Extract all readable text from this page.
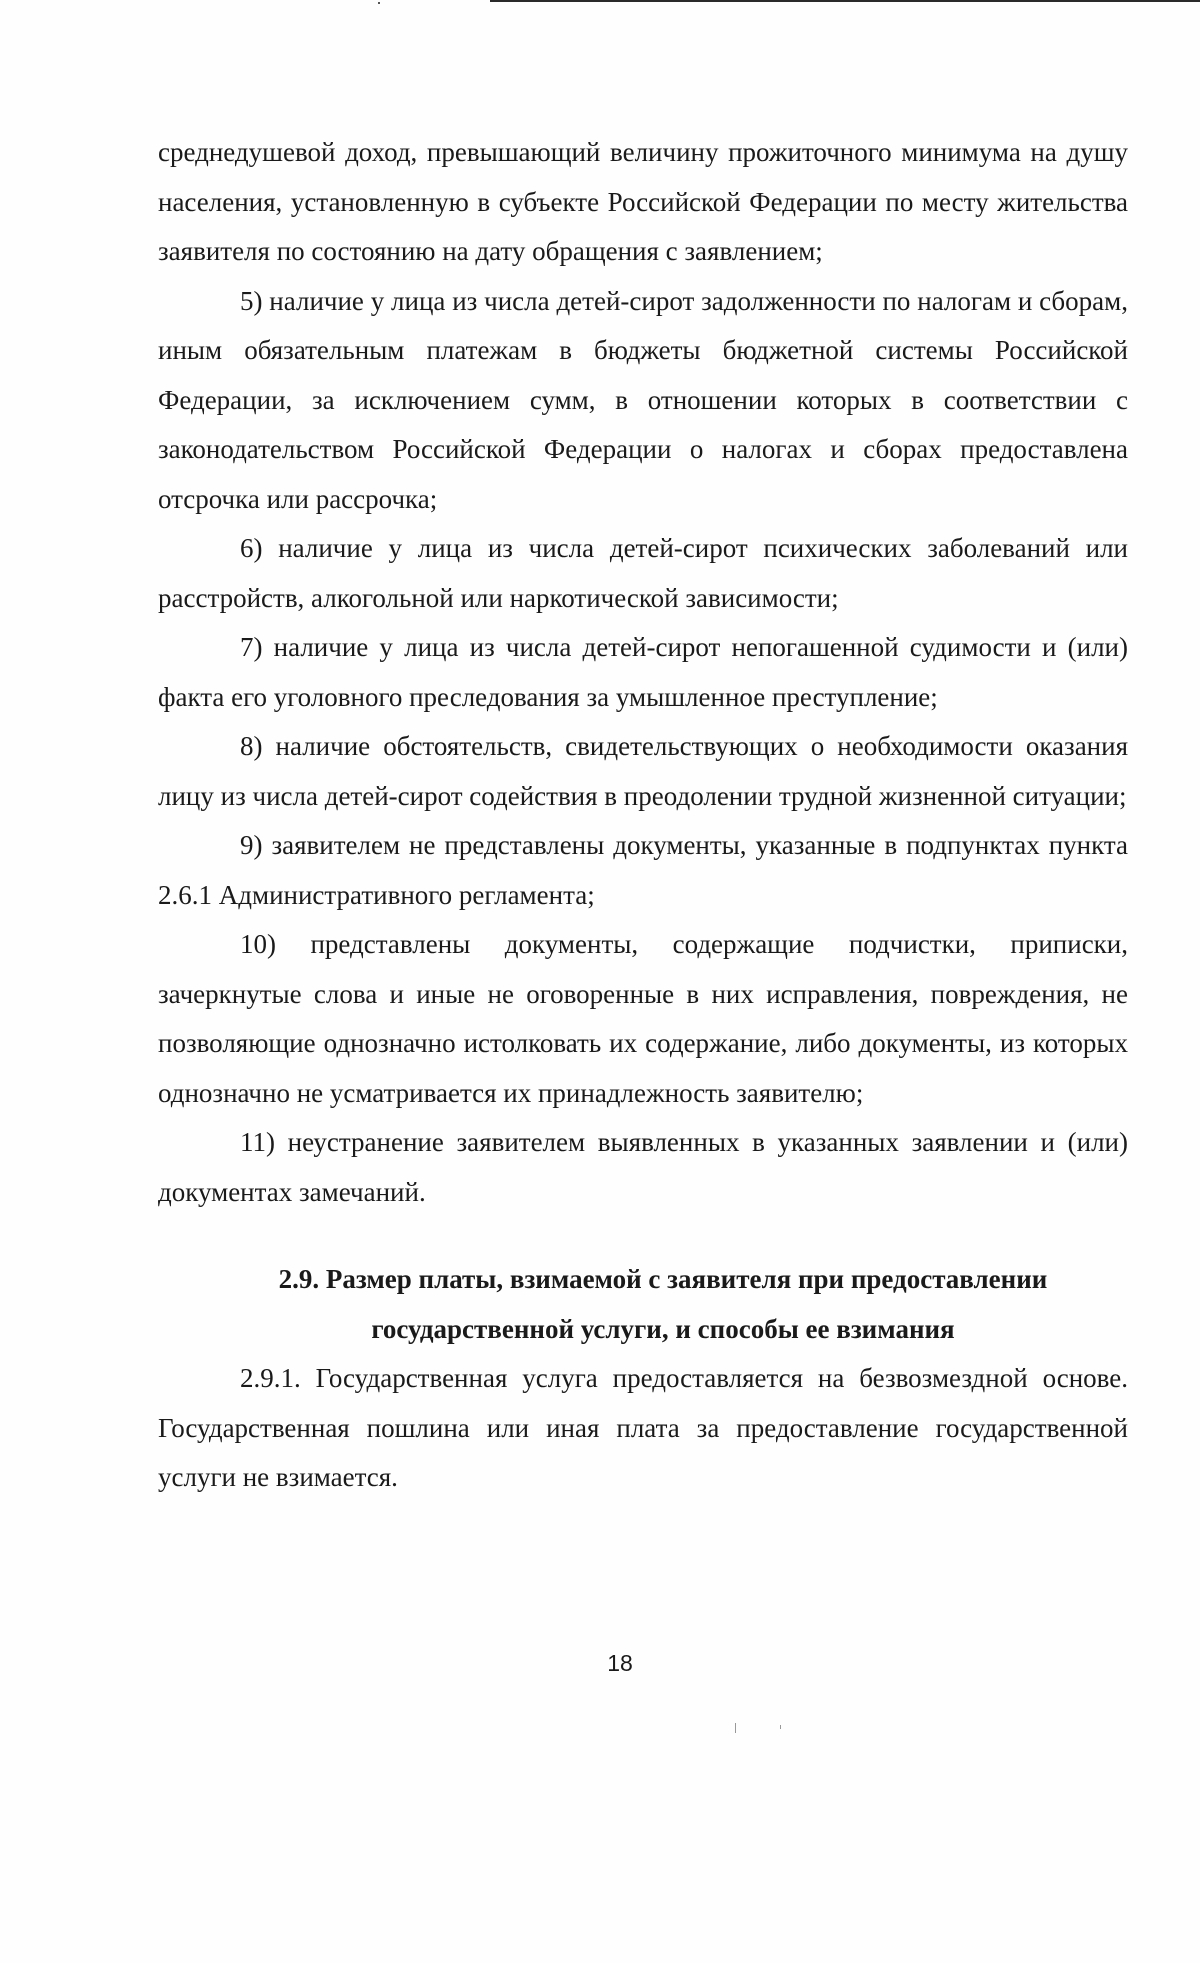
среднедушевой доход, превышающий величину прожиточного минимума на душу населения, установленную в субъекте Российской Федерации по месту жительства заявителя по состоянию на дату обращения с заявлением;

5) наличие у лица из числа детей-сирот задолженности по налогам и сборам, иным обязательным платежам в бюджеты бюджетной системы Российской Федерации, за исключением сумм, в отношении которых в соответствии с законодательством Российской Федерации о налогах и сборах предоставлена отсрочка или рассрочка;

6) наличие у лица из числа детей-сирот психических заболеваний или расстройств, алкогольной или наркотической зависимости;

7) наличие у лица из числа детей-сирот непогашенной судимости и (или) факта его уголовного преследования за умышленное преступление;

8) наличие обстоятельств, свидетельствующих о необходимости оказания лицу из числа детей-сирот содействия в преодолении трудной жизненной ситуации;

9) заявителем не представлены документы, указанные в подпунктах пункта 2.6.1 Административного регламента;

10) представлены документы, содержащие подчистки, приписки, зачеркнутые слова и иные не оговоренные в них исправления, повреждения, не позволяющие однозначно истолковать их содержание, либо документы, из которых однозначно не усматривается их принадлежность заявителю;

11) неустранение заявителем выявленных в указанных заявлении и (или) документах замечаний.

2.9. Размер платы, взимаемой с заявителя при предоставлении
государственной услуги, и способы ее взимания

2.9.1. Государственная услуга предоставляется на безвозмездной основе. Государственная пошлина или иная плата за предоставление государственной услуги не взимается.

18
